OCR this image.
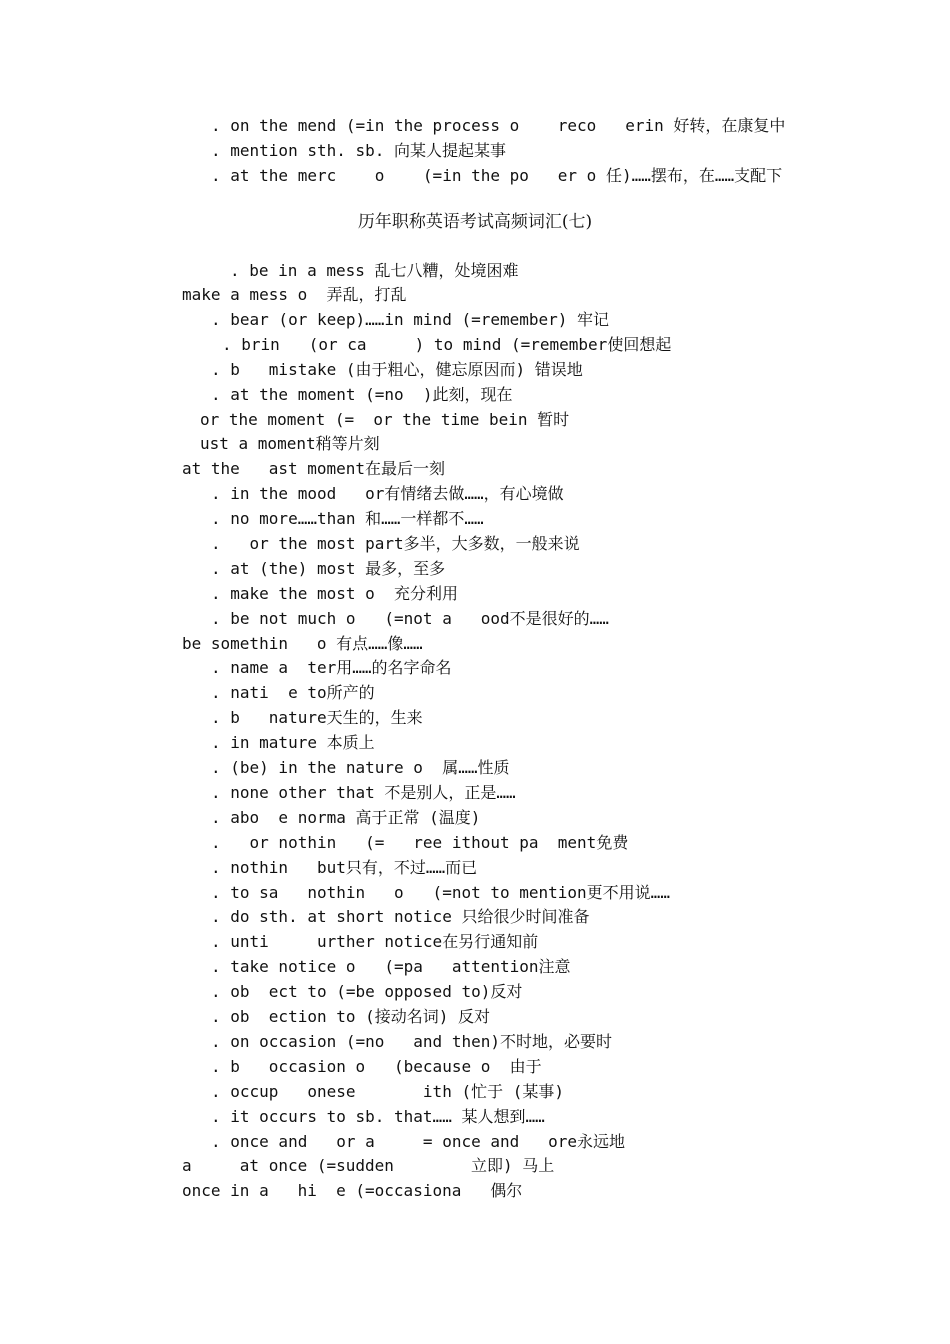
. on the mend (=in the process o    reco   erin 好转，在康复中
. mention sth. sb. 向某人提起某事
. at the merc    o    (=in the po   er o 任)……摆布，在……支配下
历年职称英语考试高频词汇(七)
. be in a mess 乱七八糟，处境困难
make a mess o  弄乱，打乱
. bear (or keep)……in mind (=remember) 牢记
. brin   (or ca     ) to mind (=remember使回想起
. b   mistake (由于粗心，健忘原因而) 错误地
. at the moment (=no  )此刻，现在
or the moment (=  or the time bein 暂时
ust a moment稍等片刻
at the   ast moment在最后一刻
. in the mood   or有情绪去做……，有心境做
. no more……than 和……一样都不……
.   or the most part多半，大多数，一般来说
. at (the) most 最多，至多
. make the most o  充分利用
. be not much o   (=not a   ood不是很好的……
be somethin   o 有点……像……
. name a  ter用……的名字命名
. nati  e to所产的
. b   nature天生的，生来
. in mature 本质上
. (be) in the nature o  属……性质
. none other that 不是别人，正是……
. abo  e norma 高于正常 (温度)
.   or nothin   (=   ree ithout pa  ment免费
. nothin   but只有，不过……而已
. to sa   nothin   o   (=not to mention更不用说……
. do sth. at short notice 只给很少时间准备
. unti     urther notice在另行通知前
. take notice o   (=pa   attention注意
. ob  ect to (=be opposed to)反对
. ob  ection to (接动名词) 反对
. on occasion (=no   and then)不时地，必要时
. b   occasion o   (because o  由于
. occup   onese       ith (忙于 (某事)
. it occurs to sb. that…… 某人想到……
. once and   or a     = once and   ore永远地
a     at once (=sudden        立即) 马上
once in a   hi  e (=occasiona   偶尔
